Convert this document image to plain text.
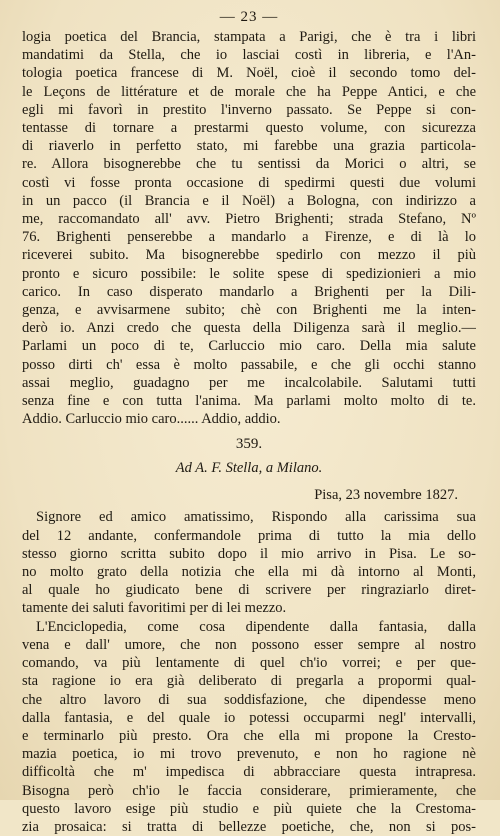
— 23 —
logia poetica del Brancia, stampata a Parigi, che è tra i libri
mandatimi da Stella, che io lasciai costì in libreria, e l'An-
tologia poetica francese di M. Noël, cioè il secondo tomo del-
le Leçons de littérature et de morale che ha Peppe Antici, e che
egli mi favorì in prestito l'inverno passato. Se Peppe si con-
tentasse di tornare a prestarmi questo volume, con sicurezza
di riaverlo in perfetto stato, mi farebbe una grazia particola-
re. Allora bisognerebbe che tu sentissi da Morici o altri, se
costì vi fosse pronta occasione di spedirmi questi due volumi
in un pacco (il Brancia e il Noël) a Bologna, con indirizzo a
me, raccomandato all' avv. Pietro Brighenti; strada Stefano, Nº
76. Brighenti penserebbe a mandarlo a Firenze, e di là lo
riceverei subito. Ma bisognerebbe spedirlo con mezzo il più
pronto e sicuro possibile: le solite spese di spedizionieri a mio
carico. In caso disperato mandarlo a Brighenti per la Dili-
genza, e avvisarmene subito; chè con Brighenti me la inten-
derò io. Anzi credo che questa della Diligenza sarà il meglio.—
Parlami un poco di te, Carluccio mio caro. Della mia salute
posso dirti ch' essa è molto passabile, e che gli occhi stanno
assai meglio, guadagno per me incalcolabile. Salutami tutti
senza fine e con tutta l'anima. Ma parlami molto molto di te.
Addio. Carluccio mio caro...... Addio, addio.
359.
Ad A. F. Stella, a Milano.
Pisa, 23 novembre 1827.
Signore ed amico amatissimo, Rispondo alla carissima sua
del 12 andante, confermandole prima di tutto la mia dello
stesso giorno scritta subito dopo il mio arrivo in Pisa. Le so-
no molto grato della notizia che ella mi dà intorno al Monti,
al quale ho giudicato bene di scrivere per ringraziarlo diret-
tamente dei saluti favoritimi per di lei mezzo.
L'Enciclopedia, come cosa dipendente dalla fantasia, dalla
vena e dall' umore, che non possono esser sempre al nostro
comando, va più lentamente di quel ch'io vorrei; e per que-
sta ragione io era già deliberato di pregarla a propormi qual-
che altro lavoro di sua soddisfazione, che dipendesse meno
dalla fantasia, e del quale io potessi occuparmi negl' intervalli,
e terminarlo più presto. Ora che ella mi propone la Cresto-
mazia poetica, io mi trovo prevenuto, e non ho ragione nè
difficoltà che m' impedisca di abbracciare questa intrapresa.
Bisogna però ch'io le faccia considerare, primieramente, che
questo lavoro esige più studio e più quiete che la Crestoma-
zia prosaica: si tratta di bellezze poetiche, che, non si pos-
